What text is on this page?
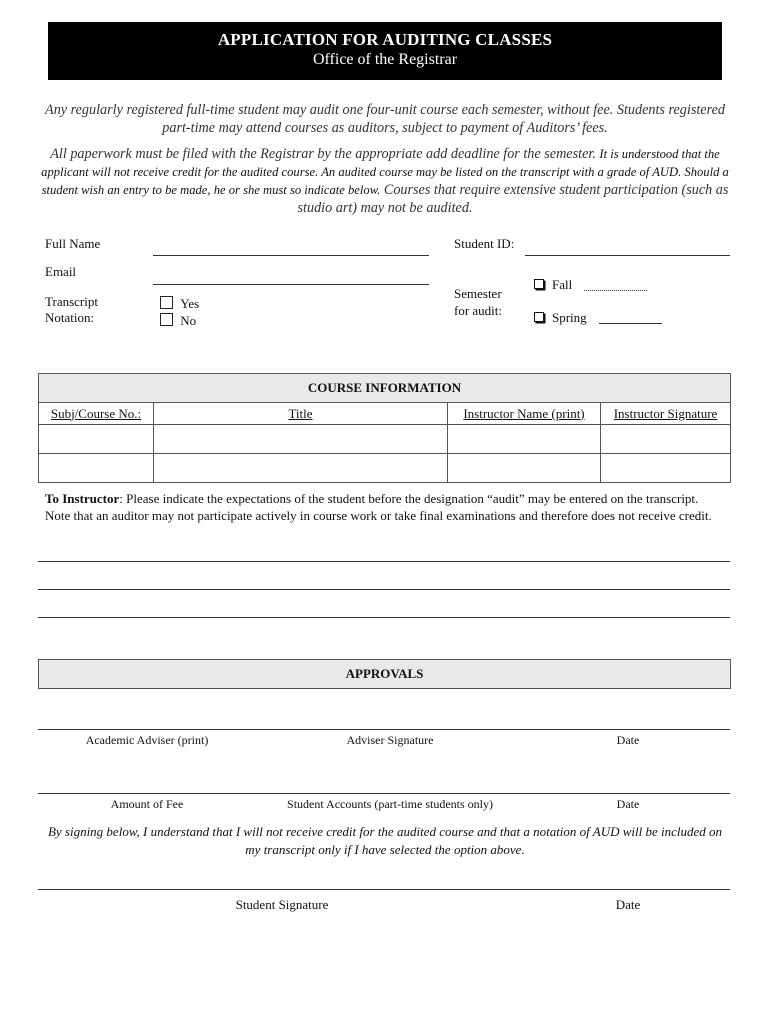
APPLICATION FOR AUDITING CLASSES
Office of the Registrar
Any regularly registered full-time student may audit one four-unit course each semester, without fee. Students registered part-time may attend courses as auditors, subject to payment of Auditors’ fees.
All paperwork must be filed with the Registrar by the appropriate add deadline for the semester. It is understood that the applicant will not receive credit for the audited course. An audited course may be listed on the transcript with a grade of AUD. Should a student wish an entry to be made, he or she must so indicate below. Courses that require extensive student participation (such as studio art) may not be audited.
Full Name	Student ID:
Email
Transcript Notation:
Yes
No
Semester for audit:
Fall
Spring
COURSE INFORMATION			
Subj/Course No.:	Title	Instructor Name (print)	Instructor Signature

To Instructor: Please indicate the expectations of the student before the designation “audit” may be entered on the transcript. Note that an auditor may not participate actively in course work or take final examinations and therefore does not receive credit.
APPROVALS
Academic Adviser (print)	Adviser Signature	Date
Amount of Fee	Student Accounts (part-time students only)	Date
By signing below, I understand that I will not receive credit for the audited course and that a notation of AUD will be included on my transcript only if I have selected the option above.
Student Signature	Date
